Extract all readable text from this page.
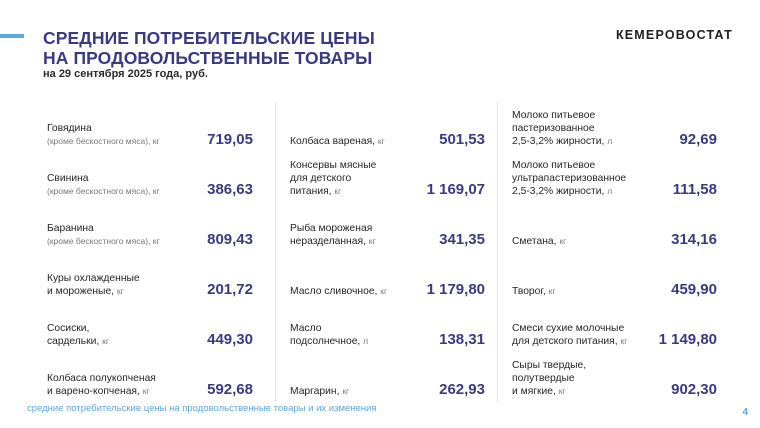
СРЕДНИЕ ПОТРЕБИТЕЛЬСКИЕ ЦЕНЫ
НА ПРОДОВОЛЬСТВЕННЫЕ ТОВАРЫ
на 29 сентября 2025 года, руб.
КЕМЕРОВОСТАТ
Говядина
(кроме бескостного мяса), кг	719,05
Свинина
(кроме бескостного мяса), кг	386,63
Баранина
(кроме бескостного мяса), кг	809,43
Куры охлажденные
и мороженые, кг	201,72
Сосиски,
сардельки, кг	449,30
Колбаса полукопченая
и варено-копченая, кг	592,68
Колбаса вареная, кг	501,53
Консервы мясные
для детского
питания, кг	1 169,07
Рыба мороженая
неразделанная, кг	341,35
Масло сливочное, кг	1 179,80
Масло
подсолнечное, л	138,31
Маргарин, кг	262,93
Молоко питьевое
пастеризованное
2,5-3,2% жирности, л	92,69
Молоко питьевое
ультрапастеризованное
2,5-3,2% жирности, л	111,58
Сметана, кг	314,16
Творог, кг	459,90
Смеси сухие молочные
для детского питания, кг 1 149,80
Сыры твердые,
полутвердые
и мягкие, кг	902,30
средние потребительские цены на продовольственные товары и их изменения	4
